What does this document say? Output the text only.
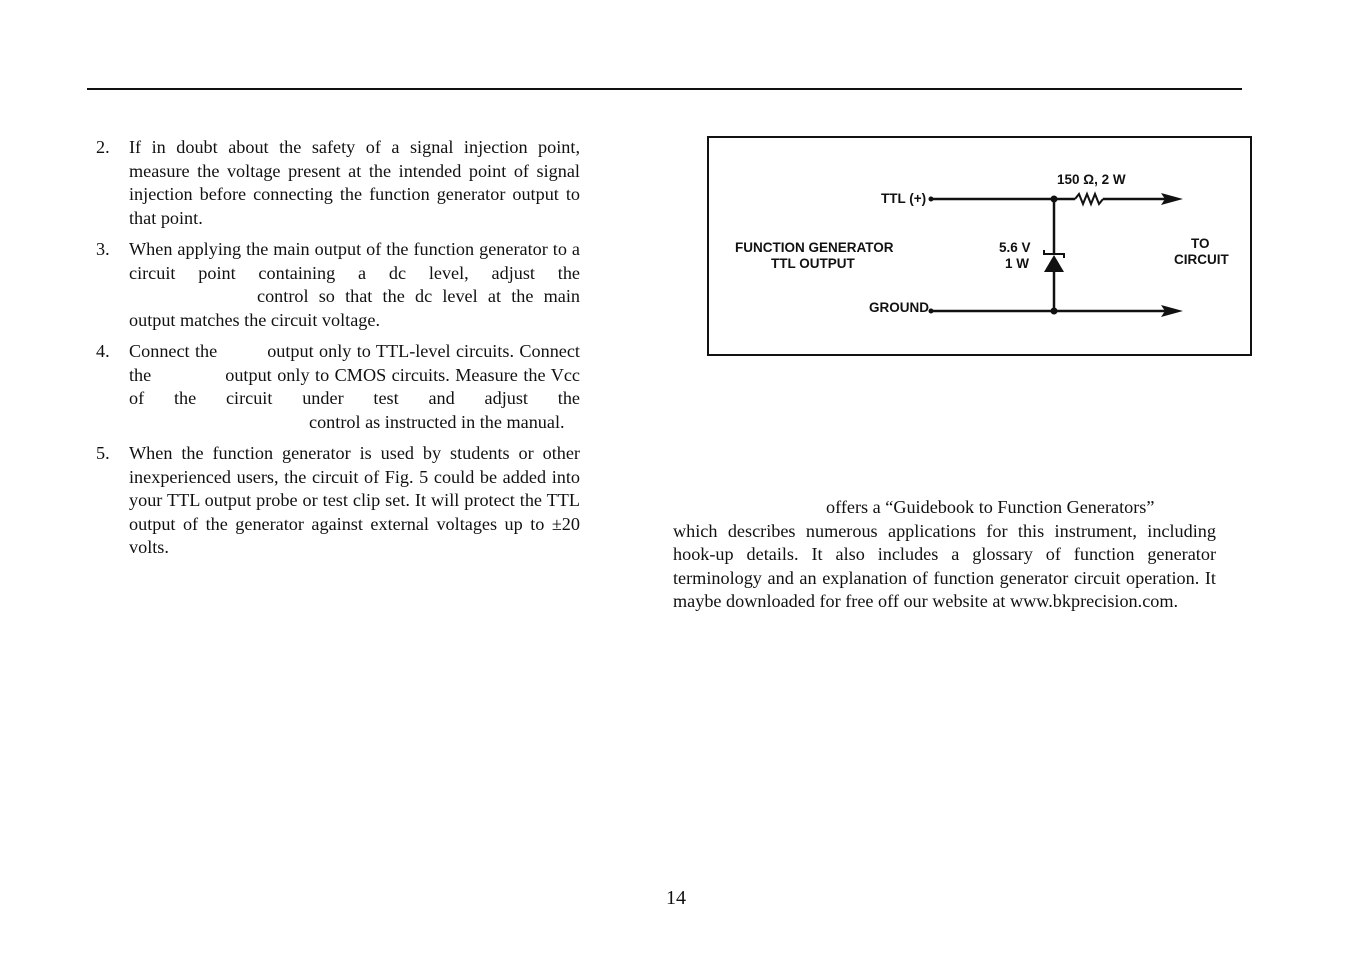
2. If in doubt about the safety of a signal injection point, measure the voltage present at the intended point of signal injection before connecting the function generator output to that point.
3. When applying the main output of the function generator to a circuit point containing a dc level, adjust thecontrol so that the dc level at the main output matches the circuit voltage.
4. Connect the	output only to TTL-level circuits. Connect the	output only to CMOS circuits. Measure the Vcc of the circuit under test and adjust thecontrol as instructed in the manual.
5. When the function generator is used by students or other inexperienced users, the circuit of Fig. 5 could be added into your TTL output probe or test clip set. It will protect the TTL output of the generator against external voltages up to ±20 volts.
FUNCTION GENERATOR
TTL OUTPUT
TTL (+)
GROUND
150 Ω, 2 W
5.6 V
1 W
TO
CIRCUIT
offers a “Guidebook to Function Generators”
which describes numerous applications for this instrument, including hook-up details. It also includes a glossary of function generator terminology and an explanation of function generator circuit operation. It maybe downloaded for free off our website at www.bkprecision.com.
14
